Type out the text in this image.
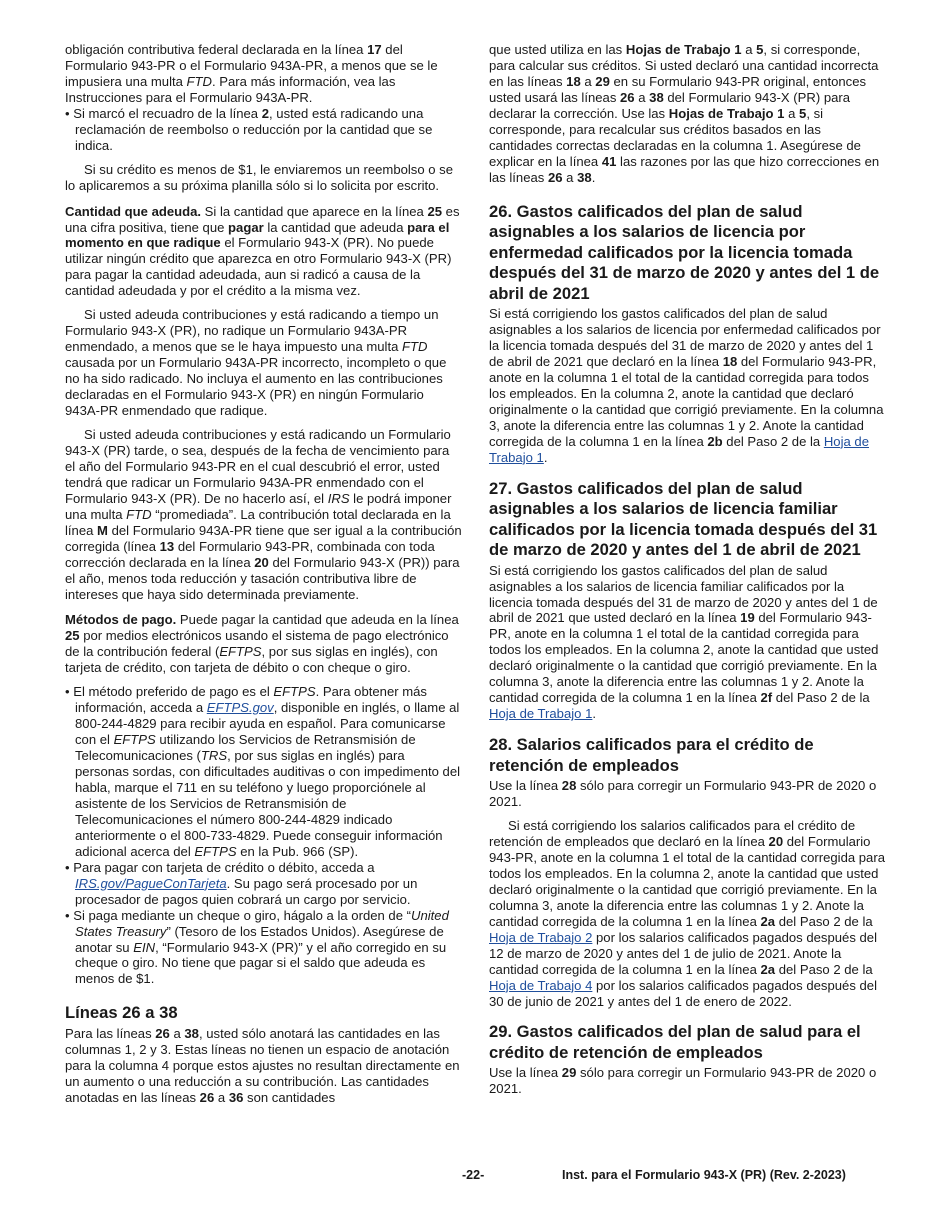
obligación contributiva federal declarada en la línea 17 del Formulario 943-PR o el Formulario 943A-PR, a menos que se le impusiera una multa FTD. Para más información, vea las Instrucciones para el Formulario 943A-PR.

• Si marcó el recuadro de la línea 2, usted está radicando una reclamación de reembolso o reducción por la cantidad que se indica.

Si su crédito es menos de $1, le enviaremos un reembolso o se lo aplicaremos a su próxima planilla sólo si lo solicita por escrito.

Cantidad que adeuda. Si la cantidad que aparece en la línea 25 es una cifra positiva, tiene que pagar la cantidad que adeuda para el momento en que radique el Formulario 943-X (PR). No puede utilizar ningún crédito que aparezca en otro Formulario 943-X (PR) para pagar la cantidad adeudada, aun si radicó a causa de la cantidad adeudada y por el crédito a la misma vez.

Si usted adeuda contribuciones y está radicando a tiempo un Formulario 943-X (PR), no radique un Formulario 943A-PR enmendado, a menos que se le haya impuesto una multa FTD causada por un Formulario 943A-PR incorrecto, incompleto o que no ha sido radicado. No incluya el aumento en las contribuciones declaradas en el Formulario 943-X (PR) en ningún Formulario 943A-PR enmendado que radique.

Si usted adeuda contribuciones y está radicando un Formulario 943-X (PR) tarde, o sea, después de la fecha de vencimiento para el año del Formulario 943-PR en el cual descubrió el error, usted tendrá que radicar un Formulario 943A-PR enmendado con el Formulario 943-X (PR). De no hacerlo así, el IRS le podrá imponer una multa FTD “promediada”. La contribución total declarada en la línea M del Formulario 943A-PR tiene que ser igual a la contribución corregida (línea 13 del Formulario 943-PR, combinada con toda corrección declarada en la línea 20 del Formulario 943-X (PR)) para el año, menos toda reducción y tasación contributiva libre de intereses que haya sido determinada previamente.

Métodos de pago. Puede pagar la cantidad que adeuda en la línea 25 por medios electrónicos usando el sistema de pago electrónico de la contribución federal (EFTPS, por sus siglas en inglés), con tarjeta de crédito, con tarjeta de débito o con cheque o giro.

• El método preferido de pago es el EFTPS. Para obtener más información, acceda a EFTPS.gov, disponible en inglés, o llame al 800-244-4829 para recibir ayuda en español. Para comunicarse con el EFTPS utilizando los Servicios de Retransmisión de Telecomunicaciones (TRS, por sus siglas en inglés) para personas sordas, con dificultades auditivas o con impedimento del habla, marque el 711 en su teléfono y luego proporciónele al asistente de los Servicios de Retransmisión de Telecomunicaciones el número 800-244-4829 indicado anteriormente o el 800-733-4829. Puede conseguir información adicional acerca del EFTPS en la Pub. 966 (SP).

• Para pagar con tarjeta de crédito o débito, acceda a IRS.gov/PagueConTarjeta. Su pago será procesado por un procesador de pagos quien cobrará un cargo por servicio.

• Si paga mediante un cheque o giro, hágalo a la orden de “United States Treasury” (Tesoro de los Estados Unidos). Asegúrese de anotar su EIN, “Formulario 943-X (PR)” y el año corregido en su cheque o giro. No tiene que pagar si el saldo que adeuda es menos de $1.

Líneas 26 a 38

Para las líneas 26 a 38, usted sólo anotará las cantidades en las columnas 1, 2 y 3. Estas líneas no tienen un espacio de anotación para la columna 4 porque estos ajustes no resultan directamente en un aumento o una reducción a su contribución. Las cantidades anotadas en las líneas 26 a 36 son cantidades

que usted utiliza en las Hojas de Trabajo 1 a 5, si corresponde, para calcular sus créditos. Si usted declaró una cantidad incorrecta en las líneas 18 a 29 en su Formulario 943-PR original, entonces usted usará las líneas 26 a 38 del Formulario 943-X (PR) para declarar la corrección. Use las Hojas de Trabajo 1 a 5, si corresponde, para recalcular sus créditos basados en las cantidades correctas declaradas en la columna 1. Asegúrese de explicar en la línea 41 las razones por las que hizo correcciones en las líneas 26 a 38.

26. Gastos calificados del plan de salud asignables a los salarios de licencia por enfermedad calificados por la licencia tomada después del 31 de marzo de 2020 y antes del 1 de abril de 2021

Si está corrigiendo los gastos calificados del plan de salud asignables a los salarios de licencia por enfermedad calificados por la licencia tomada después del 31 de marzo de 2020 y antes del 1 de abril de 2021 que declaró en la línea 18 del Formulario 943-PR, anote en la columna 1 el total de la cantidad corregida para todos los empleados. En la columna 2, anote la cantidad que declaró originalmente o la cantidad que corrigió previamente. En la columna 3, anote la diferencia entre las columnas 1 y 2. Anote la cantidad corregida de la columna 1 en la línea 2b del Paso 2 de la Hoja de Trabajo 1.

27. Gastos calificados del plan de salud asignables a los salarios de licencia familiar calificados por la licencia tomada después del 31 de marzo de 2020 y antes del 1 de abril de 2021

Si está corrigiendo los gastos calificados del plan de salud asignables a los salarios de licencia familiar calificados por la licencia tomada después del 31 de marzo de 2020 y antes del 1 de abril de 2021 que usted declaró en la línea 19 del Formulario 943-PR, anote en la columna 1 el total de la cantidad corregida para todos los empleados. En la columna 2, anote la cantidad que usted declaró originalmente o la cantidad que corrigió previamente. En la columna 3, anote la diferencia entre las columnas 1 y 2. Anote la cantidad corregida de la columna 1 en la línea 2f del Paso 2 de la Hoja de Trabajo 1.

28. Salarios calificados para el crédito de retención de empleados

Use la línea 28 sólo para corregir un Formulario 943-PR de 2020 o 2021.

Si está corrigiendo los salarios calificados para el crédito de retención de empleados que declaró en la línea 20 del Formulario 943-PR, anote en la columna 1 el total de la cantidad corregida para todos los empleados. En la columna 2, anote la cantidad que usted declaró originalmente o la cantidad que corrigió previamente. En la columna 3, anote la diferencia entre las columnas 1 y 2. Anote la cantidad corregida de la columna 1 en la línea 2a del Paso 2 de la Hoja de Trabajo 2 por los salarios calificados pagados después del 12 de marzo de 2020 y antes del 1 de julio de 2021. Anote la cantidad corregida de la columna 1 en la línea 2a del Paso 2 de la Hoja de Trabajo 4 por los salarios calificados pagados después del 30 de junio de 2021 y antes del 1 de enero de 2022.

29. Gastos calificados del plan de salud para el crédito de retención de empleados

Use la línea 29 sólo para corregir un Formulario 943-PR de 2020 o 2021.

-22-	Inst. para el Formulario 943-X (PR) (Rev. 2-2023)
